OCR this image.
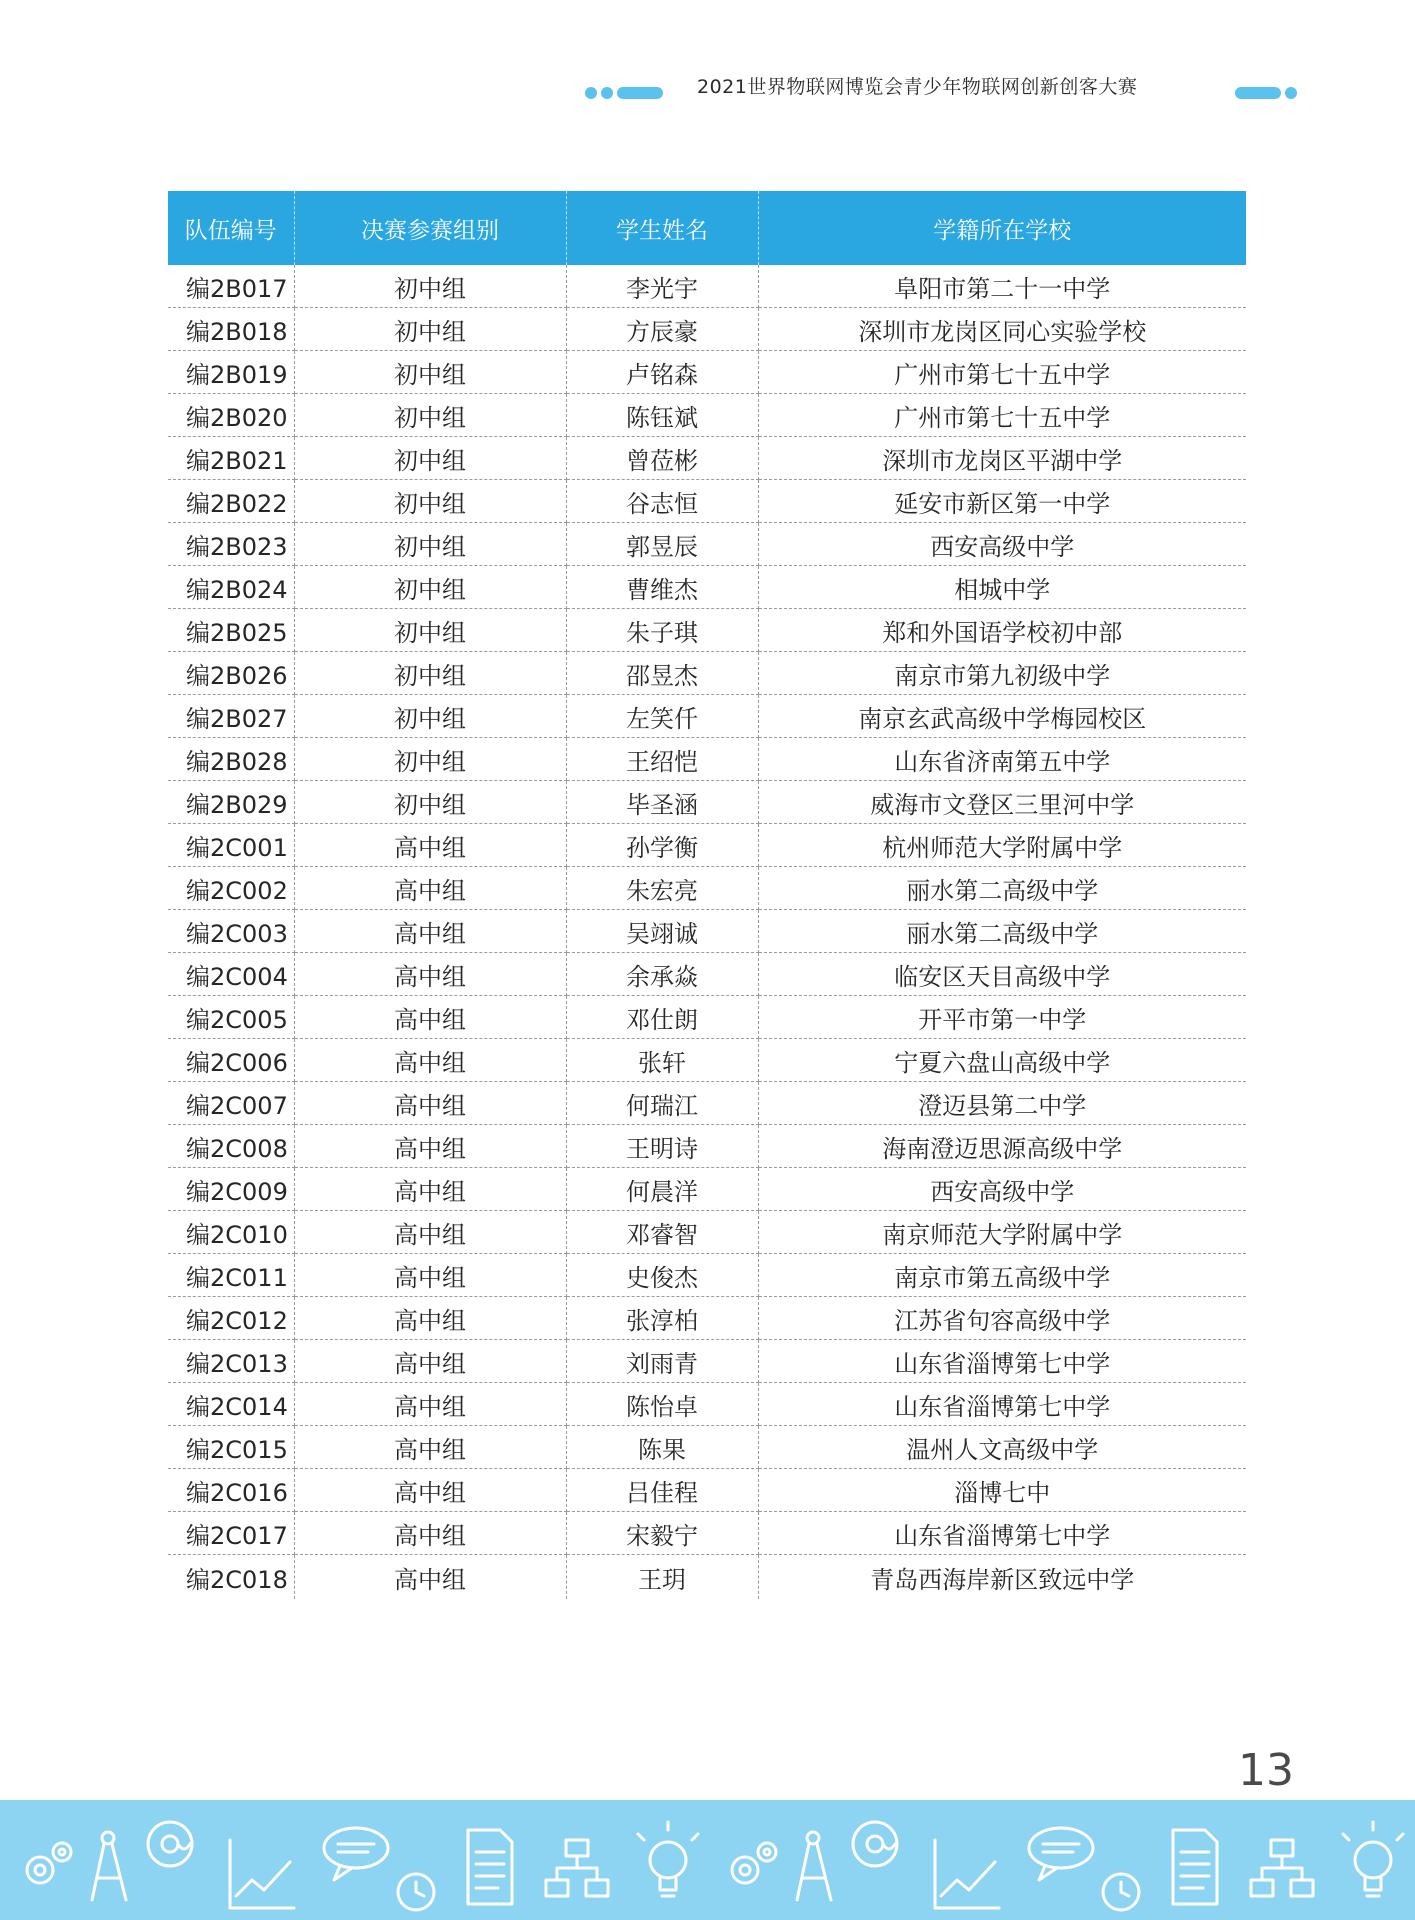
2021世界物联网博览会青少年物联网创新创客大赛
队伍编号	决赛参赛组别	学生姓名	学籍所在学校
编2B017	初中组	李光宇	阜阳市第二十一中学
编2B018	初中组	方辰豪	深圳市龙岗区同心实验学校
编2B019	初中组	卢铭森	广州市第七十五中学
编2B020	初中组	陈钰斌	广州市第七十五中学
编2B021	初中组	曾莅彬	深圳市龙岗区平湖中学
编2B022	初中组	谷志恒	延安市新区第一中学
编2B023	初中组	郭昱辰	西安高级中学
编2B024	初中组	曹维杰	相城中学
编2B025	初中组	朱子琪	郑和外国语学校初中部
编2B026	初中组	邵昱杰	南京市第九初级中学
编2B027	初中组	左笑仟	南京玄武高级中学梅园校区
编2B028	初中组	王绍恺	山东省济南第五中学
编2B029	初中组	毕圣涵	威海市文登区三里河中学
编2C001	高中组	孙学衡	杭州师范大学附属中学
编2C002	高中组	朱宏亮	丽水第二高级中学
编2C003	高中组	吴翊诚	丽水第二高级中学
编2C004	高中组	余承焱	临安区天目高级中学
编2C005	高中组	邓仕朗	开平市第一中学
编2C006	高中组	张轩	宁夏六盘山高级中学
编2C007	高中组	何瑞江	澄迈县第二中学
编2C008	高中组	王明诗	海南澄迈思源高级中学
编2C009	高中组	何晨洋	西安高级中学
编2C010	高中组	邓睿智	南京师范大学附属中学
编2C011	高中组	史俊杰	南京市第五高级中学
编2C012	高中组	张淳柏	江苏省句容高级中学
编2C013	高中组	刘雨青	山东省淄博第七中学
编2C014	高中组	陈怡卓	山东省淄博第七中学
编2C015	高中组	陈果	温州人文高级中学
编2C016	高中组	吕佳程	淄博七中
编2C017	高中组	宋毅宁	山东省淄博第七中学
编2C018	高中组	王玥	青岛西海岸新区致远中学
13
